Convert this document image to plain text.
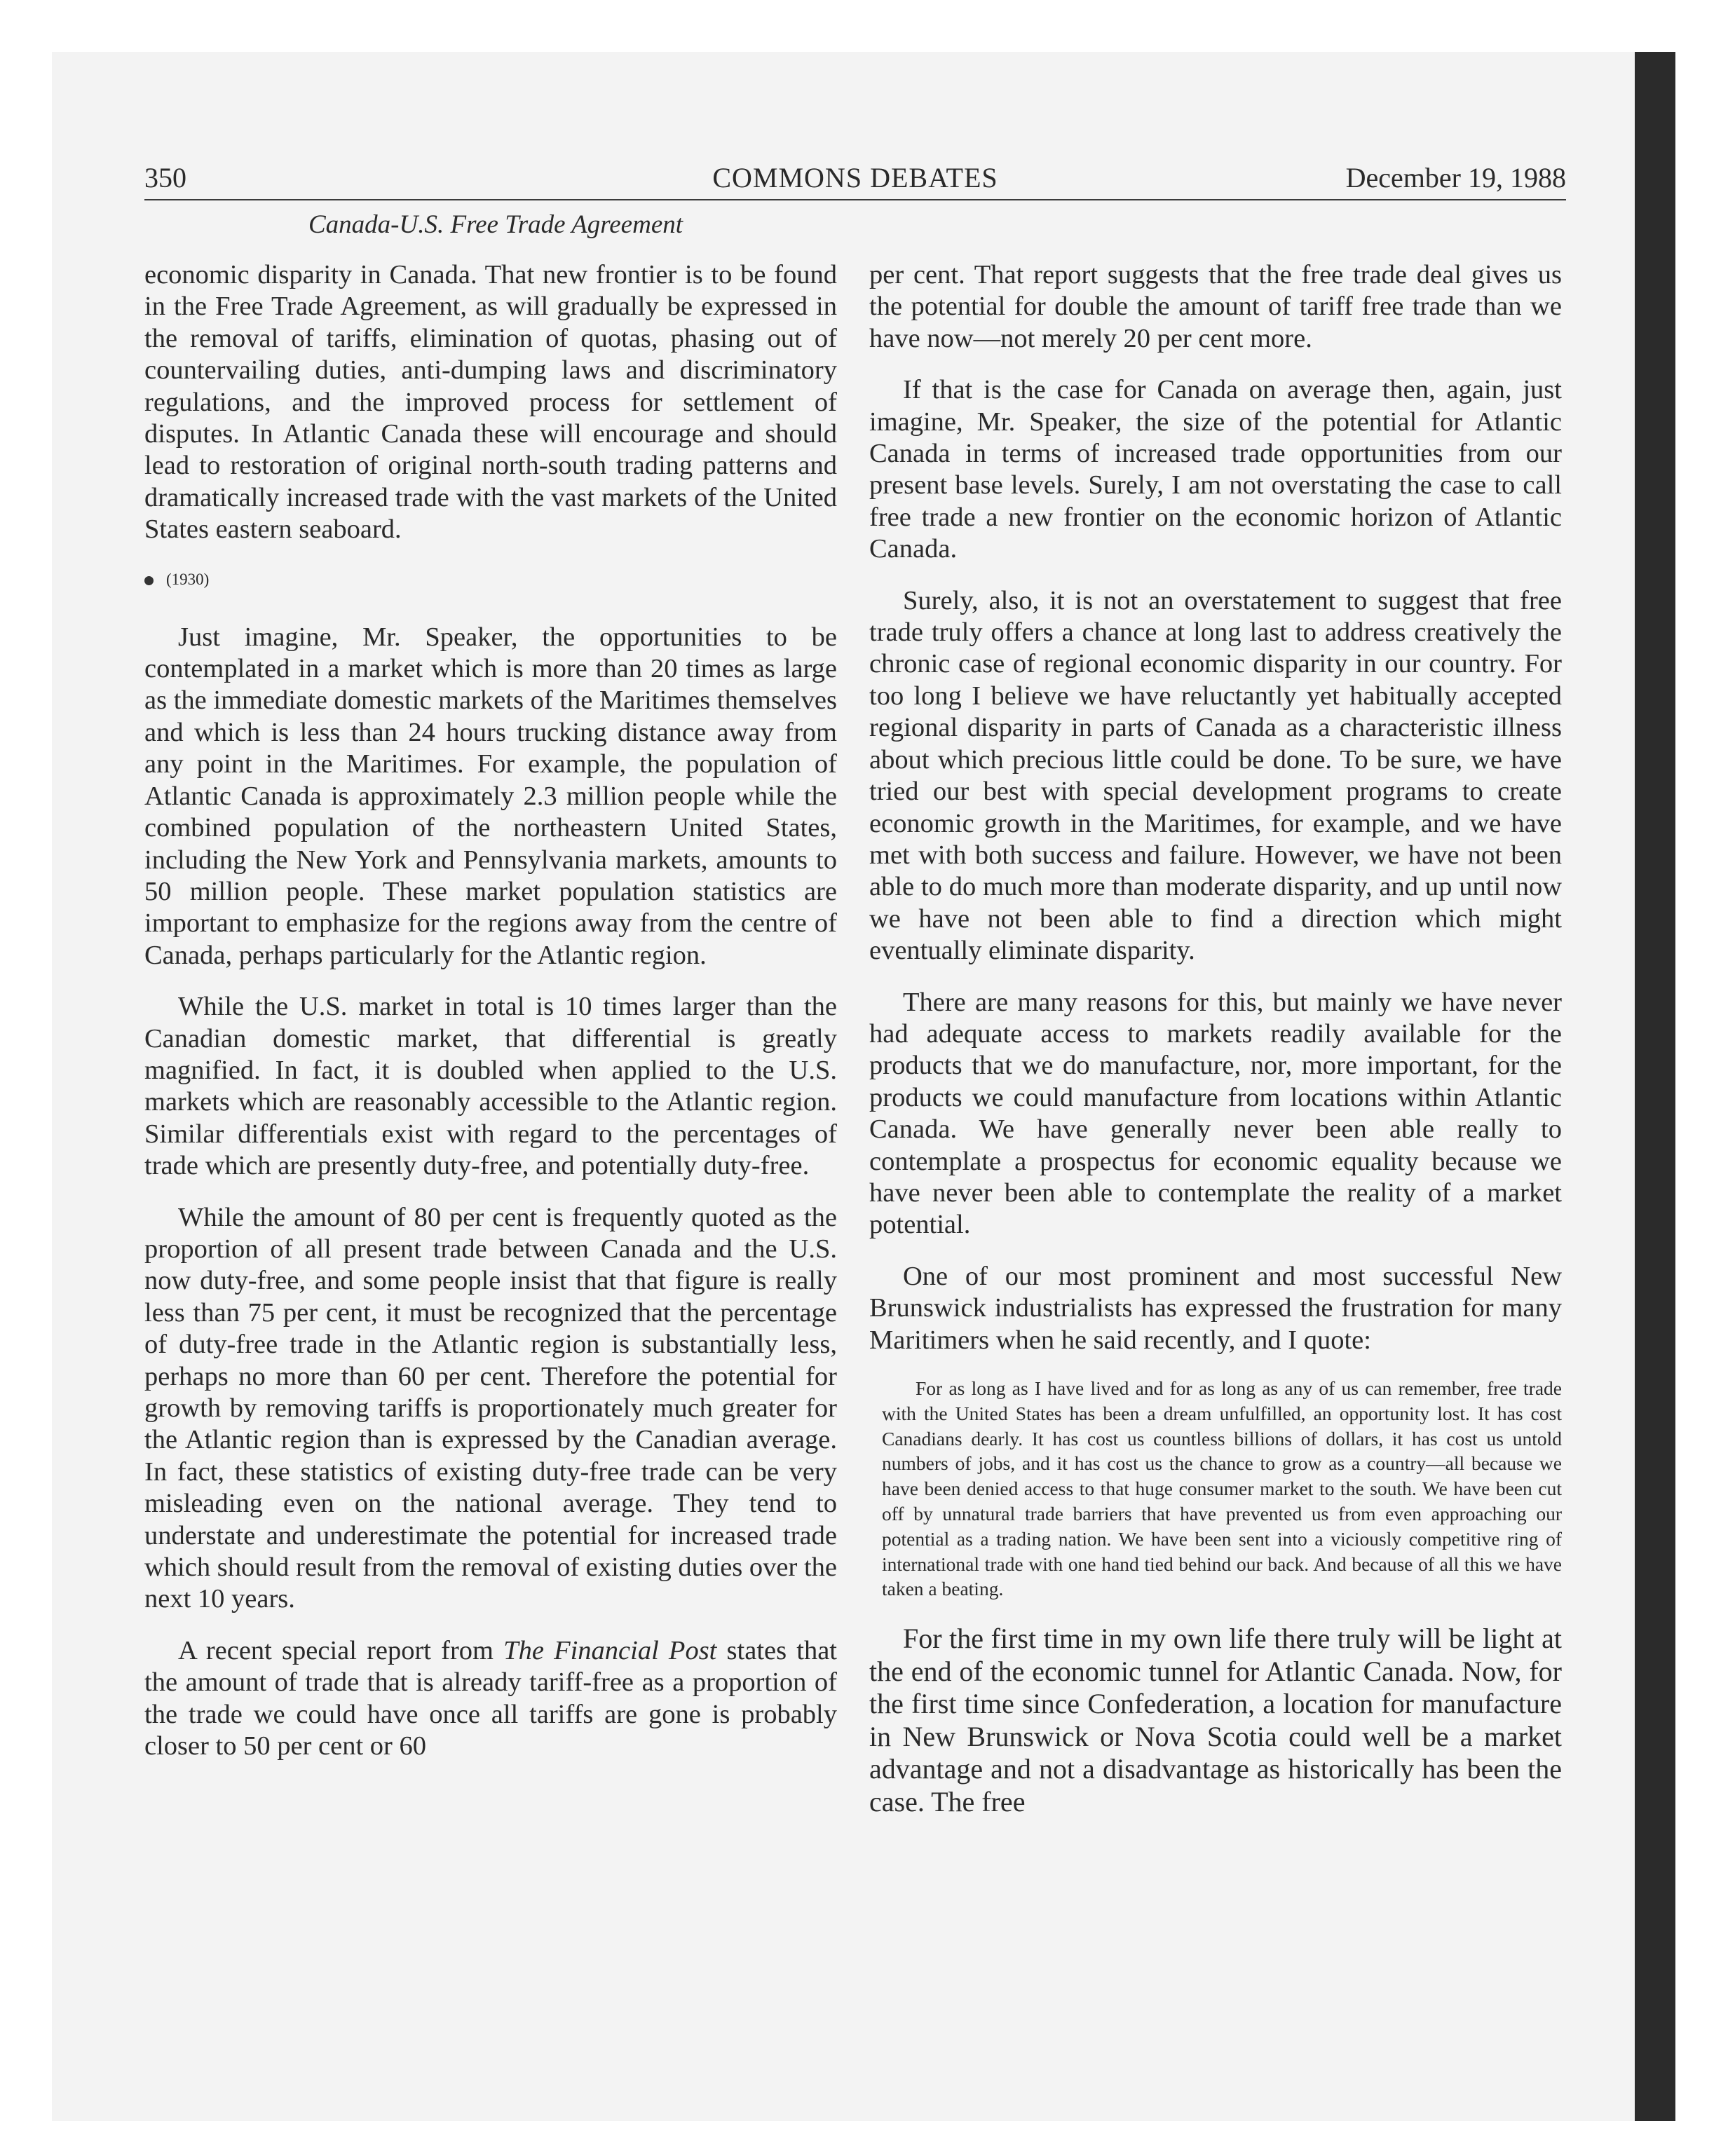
350	COMMONS DEBATES	December 19, 1988
Canada-U.S. Free Trade Agreement

economic disparity in Canada. That new frontier is to be found in the Free Trade Agreement, as will gradually be expressed in the removal of tariffs, elimination of quotas, phasing out of countervailing duties, anti-dumping laws and discriminatory regulations, and the improved process for settlement of disputes. In Atlantic Canada these will encourage and should lead to restoration of original north-south trading patterns and dramatically increased trade with the vast markets of the United States eastern seaboard.

(1930)

Just imagine, Mr. Speaker, the opportunities to be contemplated in a market which is more than 20 times as large as the immediate domestic markets of the Maritimes themselves and which is less than 24 hours trucking distance away from any point in the Maritimes. For example, the population of Atlantic Canada is approximately 2.3 million people while the combined population of the northeastern United States, including the New York and Pennsylvania markets, amounts to 50 million people. These market population statistics are important to emphasize for the regions away from the centre of Canada, perhaps particularly for the Atlantic region.

While the U.S. market in total is 10 times larger than the Canadian domestic market, that differential is greatly magnified. In fact, it is doubled when applied to the U.S. markets which are reasonably accessible to the Atlantic region. Similar differentials exist with regard to the percentages of trade which are presently duty-free, and potentially duty-free.

While the amount of 80 per cent is frequently quoted as the proportion of all present trade between Canada and the U.S. now duty-free, and some people insist that that figure is really less than 75 per cent, it must be recognized that the percentage of duty-free trade in the Atlantic region is substantially less, perhaps no more than 60 per cent. Therefore the potential for growth by removing tariffs is proportionately much greater for the Atlantic region than is expressed by the Canadian average. In fact, these statistics of existing duty-free trade can be very misleading even on the national average. They tend to understate and underestimate the potential for increased trade which should result from the removal of existing duties over the next 10 years.

A recent special report from The Financial Post states that the amount of trade that is already tariff-free as a proportion of the trade we could have once all tariffs are gone is probably closer to 50 per cent or 60

per cent. That report suggests that the free trade deal gives us the potential for double the amount of tariff free trade than we have now—not merely 20 per cent more.

If that is the case for Canada on average then, again, just imagine, Mr. Speaker, the size of the potential for Atlantic Canada in terms of increased trade opportunities from our present base levels. Surely, I am not overstating the case to call free trade a new frontier on the economic horizon of Atlantic Canada.

Surely, also, it is not an overstatement to suggest that free trade truly offers a chance at long last to address creatively the chronic case of regional economic disparity in our country. For too long I believe we have reluctantly yet habitually accepted regional disparity in parts of Canada as a characteristic illness about which precious little could be done. To be sure, we have tried our best with special development programs to create economic growth in the Maritimes, for example, and we have met with both success and failure. However, we have not been able to do much more than moderate disparity, and up until now we have not been able to find a direction which might eventually eliminate disparity.

There are many reasons for this, but mainly we have never had adequate access to markets readily available for the products that we do manufacture, nor, more important, for the products we could manufacture from locations within Atlantic Canada. We have generally never been able really to contemplate a prospectus for economic equality because we have never been able to contemplate the reality of a market potential.

One of our most prominent and most successful New Brunswick industrialists has expressed the frustration for many Maritimers when he said recently, and I quote:

For as long as I have lived and for as long as any of us can remember, free trade with the United States has been a dream unfulfilled, an opportunity lost. It has cost Canadians dearly. It has cost us countless billions of dollars, it has cost us untold numbers of jobs, and it has cost us the chance to grow as a country—all because we have been denied access to that huge consumer market to the south. We have been cut off by unnatural trade barriers that have prevented us from even approaching our potential as a trading nation. We have been sent into a viciously competitive ring of international trade with one hand tied behind our back. And because of all this we have taken a beating.

For the first time in my own life there truly will be light at the end of the economic tunnel for Atlantic Canada. Now, for the first time since Confederation, a location for manufacture in New Brunswick or Nova Scotia could well be a market advantage and not a disadvantage as historically has been the case. The free
